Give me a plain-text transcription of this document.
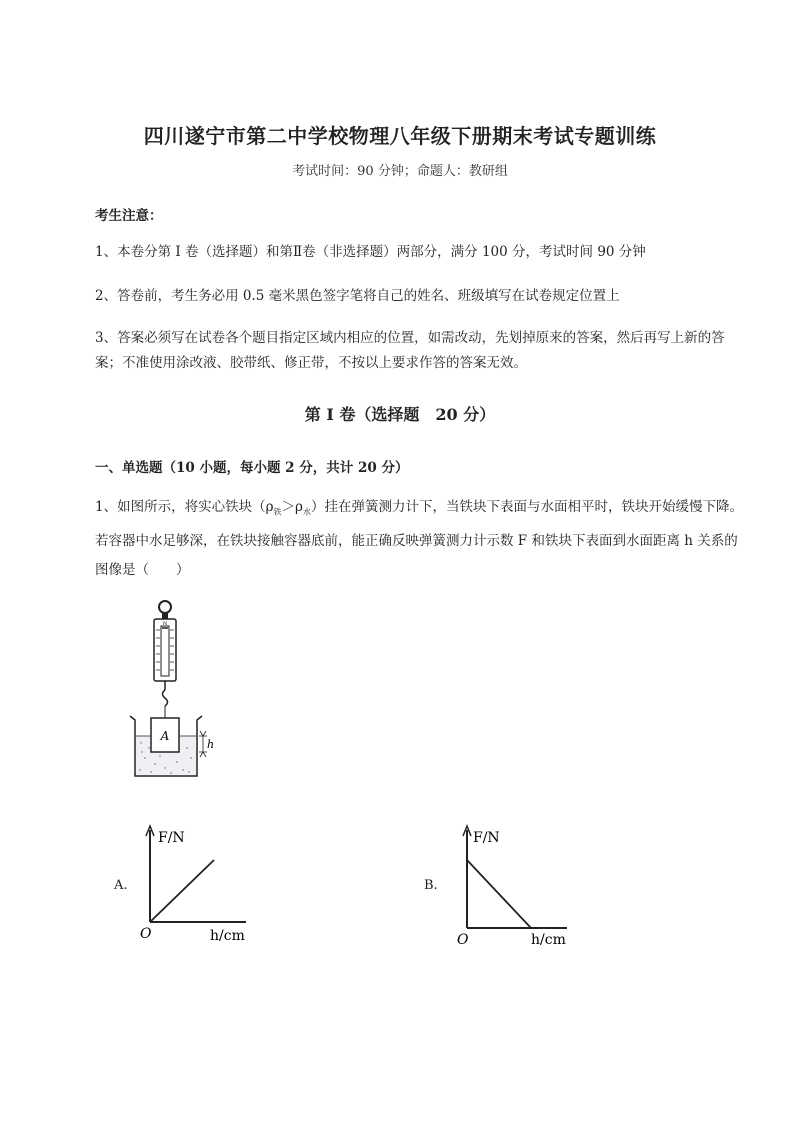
四川遂宁市第二中学校物理八年级下册期末考试专题训练
考试时间：90 分钟；命题人：教研组
考生注意：
1、本卷分第 I 卷（选择题）和第Ⅱ卷（非选择题）两部分，满分 100 分，考试时间 90 分钟
2、答卷前，考生务必用 0.5 毫米黑色签字笔将自己的姓名、班级填写在试卷规定位置上
3、答案必须写在试卷各个题目指定区域内相应的位置，如需改动，先划掉原来的答案，然后再写上新的答案；不准使用涂改液、胶带纸、修正带，不按以上要求作答的答案无效。
第 I 卷（选择题　20 分）
一、单选题（10 小题，每小题 2 分，共计 20 分）
1、如图所示，将实心铁块$(\rho_铁>\rho_水)$挂在弹簧测力计下，当铁块下表面与水面相平时，铁块开始缓慢下降。若容器中水足够深，在铁块接触容器底前，能正确反映弹簧测力计示数 F 和铁块下表面到水面距离 h 关系的图像是（　　）
N
A
h
A.
F/N
O	h/cm
B.
F/N
O	h/cm
